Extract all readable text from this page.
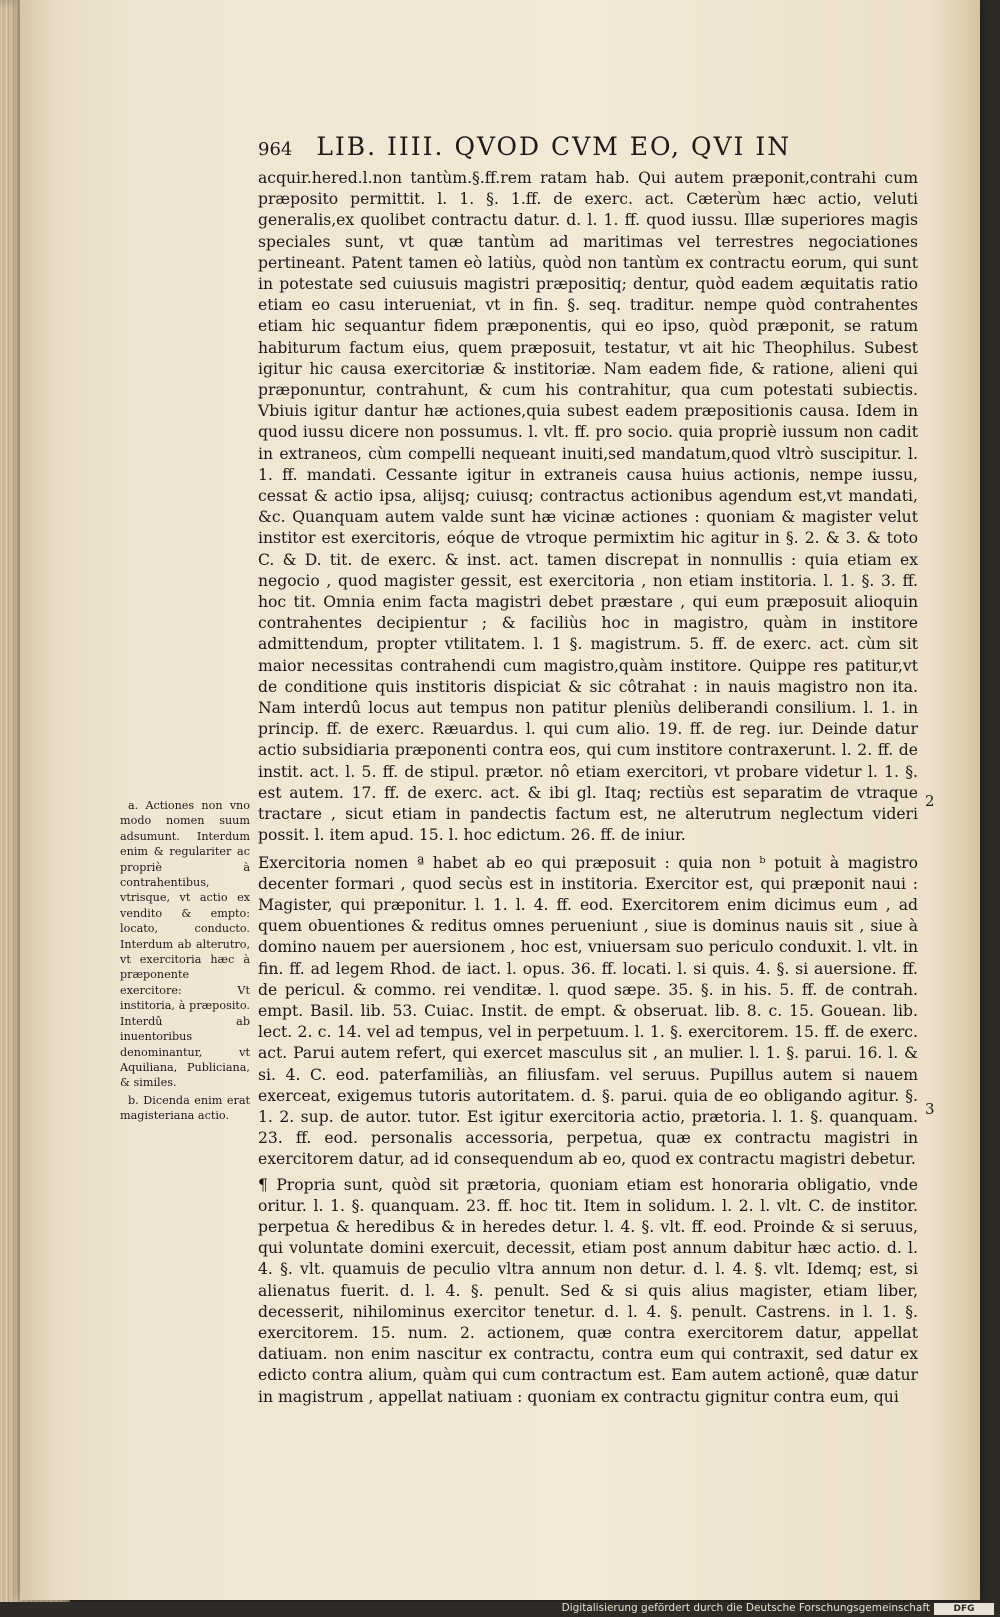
964 LIB. IIII. QVOD CVM EO, QVI IN

acquir.hered.l.non tantùm.§.ff.rem ratam hab. Qui autem præponit,contrahi cum præposito permittit. l. 1. §. 1.ff. de exerc. act. Cæterùm hæc actio, veluti generalis,ex quolibet contractu datur. d. l. 1. ff. quod iussu. Illæ superiores magis speciales sunt, vt quæ tantùm ad maritimas vel terrestres negociationes pertineant. Patent tamen eò latiùs, quòd non tantùm ex contractu eorum, qui sunt in potestate sed cuiusuis magistri præpositiq; dentur, quòd eadem æquitatis ratio etiam eo casu interueniat, vt in fin. §. seq. traditur. nempe quòd contrahentes etiam hic sequantur fidem præponentis, qui eo ipso, quòd præponit, se ratum habiturum factum eius, quem præposuit, testatur, vt ait hic Theophilus. Subest igitur hic causa exercitoriæ & institoriæ. Nam eadem fide, & ratione, alieni qui præponuntur, contrahunt, & cum his contrahitur, qua cum potestati subiectis. Vbiuis igitur dantur hæ actiones,quia subest eadem præpositionis causa. Idem in quod iussu dicere non possumus. l. vlt. ff. pro socio. quia propriè iussum non cadit in extraneos, cùm compelli nequeant inuiti,sed mandatum,quod vltrò suscipitur. l. 1. ff. mandati. Cessante igitur in extraneis causa huius actionis, nempe iussu, cessat & actio ipsa, alijsq; cuiusq; contractus actionibus agendum est,vt mandati, &c. Quanquam autem valde sunt hæ vicinæ actiones : quoniam & magister velut institor est exercitoris, eóque de vtroque permixtim hic agitur in §. 2. & 3. & toto C. & D. tit. de exerc. & inst. act. tamen discrepat in nonnullis : quia etiam ex negocio , quod magister gessit, est exercitoria , non etiam institoria. l. 1. §. 3. ff. hoc tit. Omnia enim facta magistri debet præstare , qui eum præposuit alioquin contrahentes decipientur ; & faciliùs hoc in magistro, quàm in institore admittendum, propter vtilitatem. l. 1 §. magistrum. 5. ff. de exerc. act. cùm sit maior necessitas contrahendi cum magistro,quàm institore. Quippe res patitur,vt de conditione quis institoris dispiciat & sic côtrahat : in nauis magistro non ita. Nam interdû locus aut tempus non patitur pleniùs deliberandi consilium. l. 1. in princip. ff. de exerc. Ræuardus. l. qui cum alio. 19. ff. de reg. iur. Deinde datur actio subsidiaria præponenti contra eos, qui cum institore contraxerunt. l. 2. ff. de instit. act. l. 5. ff. de stipul. prætor. nô etiam exercitori, vt probare videtur l. 1. §. est autem. 17. ff. de exerc. act. & ibi gl. Itaq; rectiùs est separatim de vtraque tractare , sicut etiam in pandectis factum est, ne alterutrum neglectum videri possit. l. item apud. 15. l. hoc edictum. 26. ff. de iniur.

Exercitoria nomen ª habet ab eo qui præposuit : quia non ᵇ potuit à magistro decenter formari , quod secùs est in institoria. Exercitor est, qui præponit naui : Magister, qui præponitur. l. 1. l. 4. ff. eod. Exercitorem enim dicimus eum , ad quem obuentiones & reditus omnes perueniunt , siue is dominus nauis sit , siue à domino nauem per auersionem , hoc est, vniuersam suo periculo conduxit. l. vlt. in fin. ff. ad legem Rhod. de iact. l. opus. 36. ff. locati. l. si quis. 4. §. si auersione. ff. de pericul. & commo. rei venditæ. l. quod sæpe. 35. §. in his. 5. ff. de contrah. empt. Basil. lib. 53. Cuiac. Instit. de empt. & obseruat. lib. 8. c. 15. Gouean. lib. lect. 2. c. 14. vel ad tempus, vel in perpetuum. l. 1. §. exercitorem. 15. ff. de exerc. act. Parui autem refert, qui exercet masculus sit , an mulier. l. 1. §. parui. 16. l. & si. 4. C. eod. paterfamiliàs, an filiusfam. vel seruus. Pupillus autem si nauem exerceat, exigemus tutoris autoritatem. d. §. parui. quia de eo obligando agitur. §. 1. 2. sup. de autor. tutor. Est igitur exercitoria actio, prætoria. l. 1. §. quanquam. 23. ff. eod. personalis accessoria, perpetua, quæ ex contractu magistri in exercitorem datur, ad id consequendum ab eo, quod ex contractu magistri debetur.

¶ Propria sunt, quòd sit prætoria, quoniam etiam est honoraria obligatio, vnde oritur. l. 1. §. quanquam. 23. ff. hoc tit. Item in solidum. l. 2. l. vlt. C. de institor. perpetua & heredibus & in heredes detur. l. 4. §. vlt. ff. eod. Proinde & si seruus, qui voluntate domini exercuit, decessit, etiam post annum dabitur hæc actio. d. l. 4. §. vlt. quamuis de peculio vltra annum non detur. d. l. 4. §. vlt. Idemq; est, si alienatus fuerit. d. l. 4. §. penult. Sed & si quis alius magister, etiam liber, decesserit, nihilominus exercitor tenetur. d. l. 4. §. penult. Castrens. in l. 1. §. exercitorem. 15. num. 2. actionem, quæ contra exercitorem datur, appellat datiuam. non enim nascitur ex contractu, contra eum qui contraxit, sed datur ex edicto contra alium, quàm qui cum contractum est. Eam autem actionê, quæ datur in magistrum , appellat natiuam : quoniam ex contractu gignitur contra eum, qui

a. Actiones non vno modo nomen suum adsumunt. Interdum enim & regulariter ac propriè à contrahentibus, vtrisque, vt actio ex vendito & empto: locato, conducto. Interdum ab alterutro, vt exercitoria hæc à præponente exercitore: Vt institoria, à præposito. Interdû ab inuentoribus denominantur, vt Aquiliana, Publiciana, & similes.

b. Dicenda enim erat magisteriana actio.

2
3
Digitalisierung gefördert durch die Deutsche Forschungsgemeinschaft	DFG
